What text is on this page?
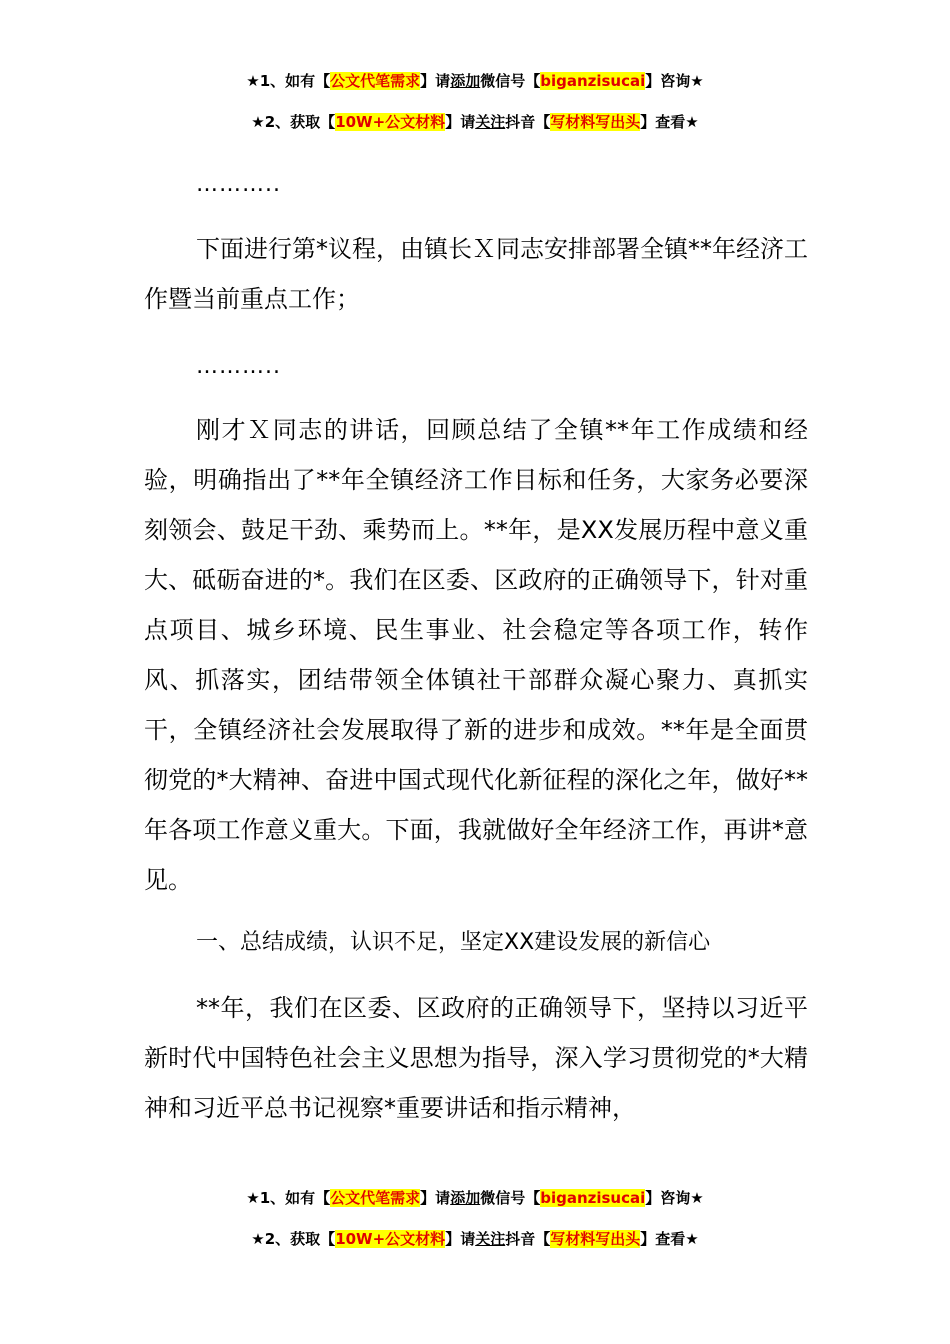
★1、如有【公文代笔需求】请添加微信号【biganzisucai】咨询★
★2、获取【10W+公文材料】请关注抖音【写材料写出头】查看★
………..

下面进行第*议程，由镇长Ｘ同志安排部署全镇**年经济工作暨当前重点工作；

………..

刚才Ｘ同志的讲话，回顾总结了全镇**年工作成绩和经验，明确指出了**年全镇经济工作目标和任务，大家务必要深刻领会、鼓足干劲、乘势而上。**年，是XX发展历程中意义重大、砥砺奋进的*。我们在区委、区政府的正确领导下，针对重点项目、城乡环境、民生事业、社会稳定等各项工作，转作风、抓落实，团结带领全体镇社干部群众凝心聚力、真抓实干，全镇经济社会发展取得了新的进步和成效。**年是全面贯彻党的*大精神、奋进中国式现代化新征程的深化之年，做好**年各项工作意义重大。下面，我就做好全年经济工作，再讲*意见。

一、总结成绩，认识不足，坚定XX建设发展的新信心

**年，我们在区委、区政府的正确领导下，坚持以习近平新时代中国特色社会主义思想为指导，深入学习贯彻党的*大精神和习近平总书记视察*重要讲话和指示精神，

★1、如有【公文代笔需求】请添加微信号【biganzisucai】咨询★
★2、获取【10W+公文材料】请关注抖音【写材料写出头】查看★
